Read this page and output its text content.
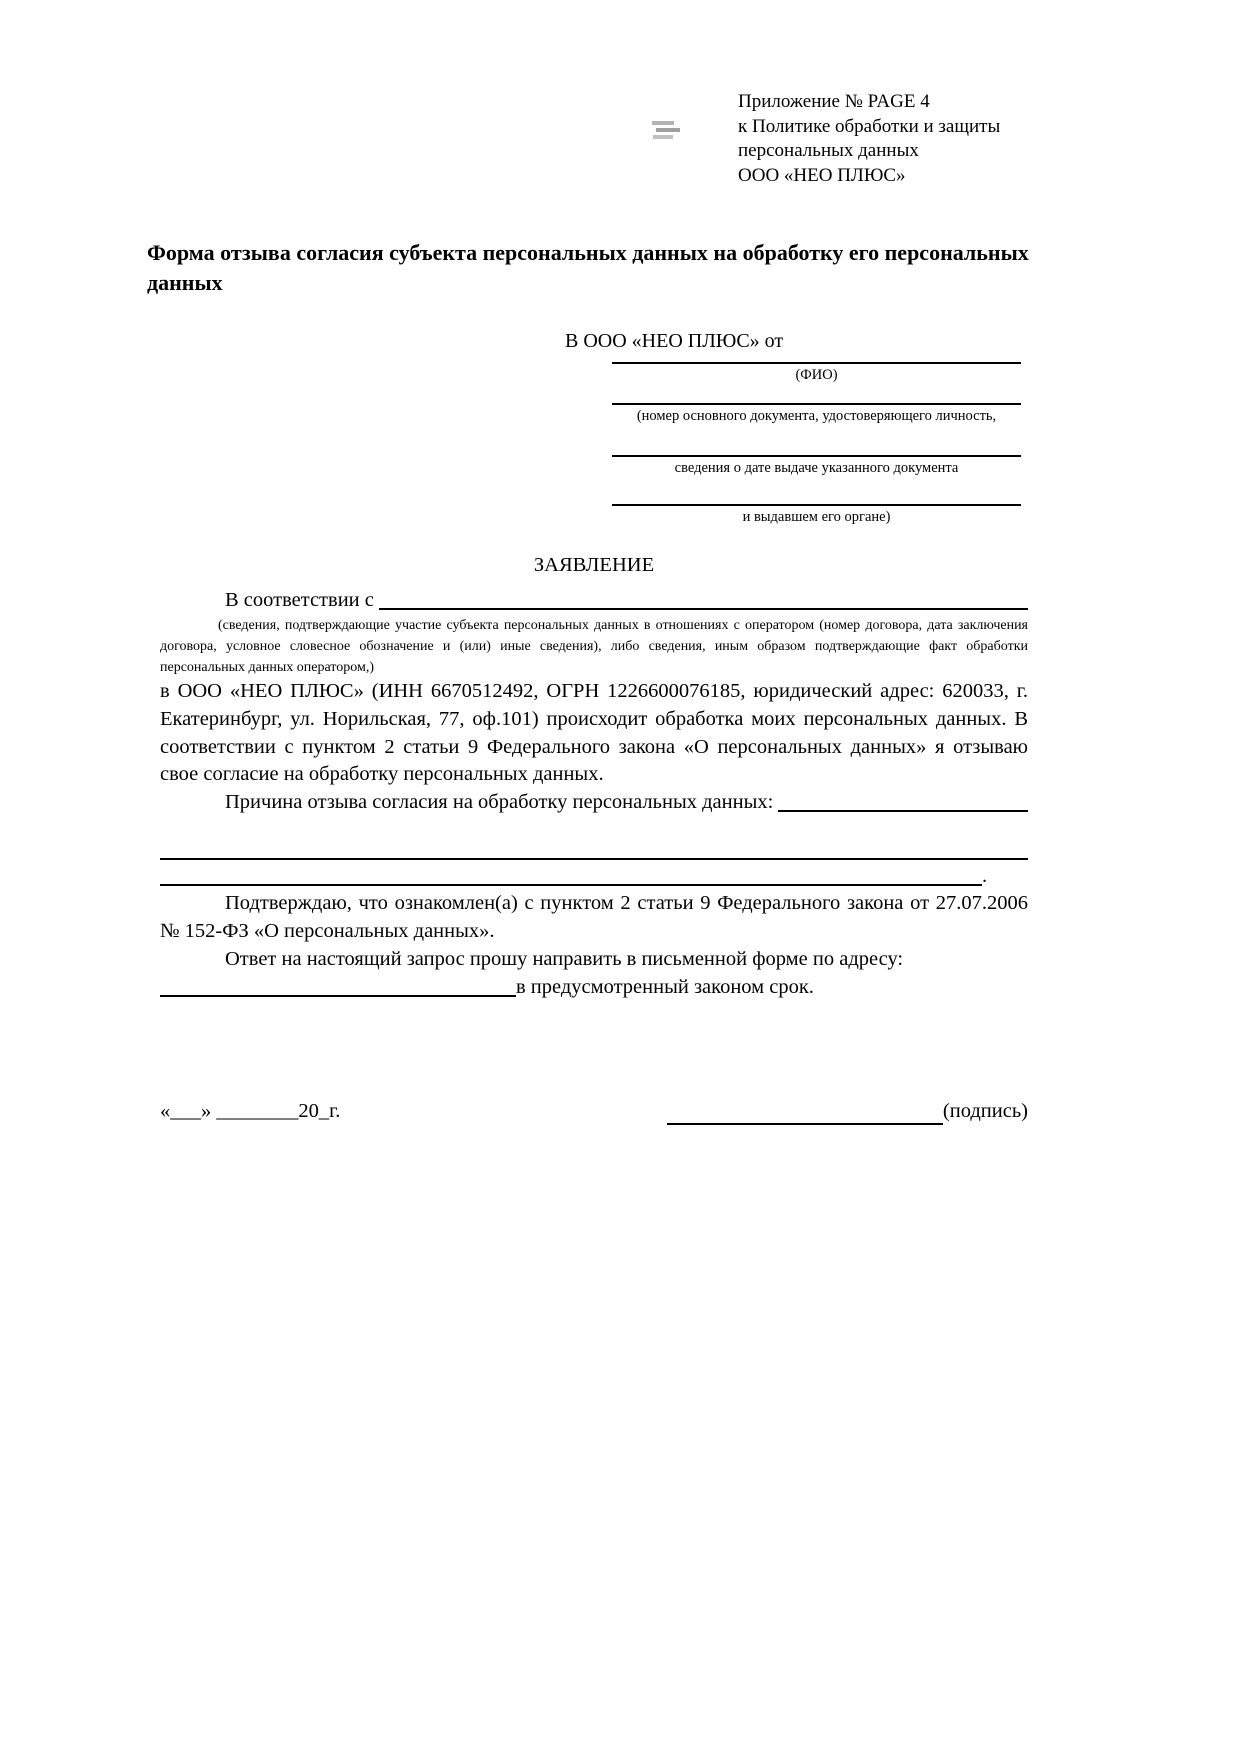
Приложение № PAGE 4
к Политике обработки и защиты
персональных данных
ООО «НЕО ПЛЮС»
Форма отзыва согласия субъекта персональных данных на обработку его персональных данных
В ООО «НЕО ПЛЮС» от
(ФИО)
(номер основного документа, удостоверяющего личность,
сведения о дате выдаче указанного документа
и выдавшем его органе)
ЗАЯВЛЕНИЕ
В соответствии с
(сведения, подтверждающие участие субъекта персональных данных в отношениях с оператором (номер договора, дата заключения договора, условное словесное обозначение и (или) иные сведения), либо сведения, иным образом подтверждающие факт обработки персональных данных оператором,)
в ООО «НЕО ПЛЮС» (ИНН 6670512492, ОГРН 1226600076185, юридический адрес: 620033, г. Екатеринбург, ул. Норильская, 77, оф.101) происходит обработка моих персональных данных. В соответствии с пунктом 2 статьи 9 Федерального закона «О персональных данных» я отзываю свое согласие на обработку персональных данных.
Причина отзыва согласия на обработку персональных данных:
.
Подтверждаю, что ознакомлен(а) с пунктом 2 статьи 9 Федерального закона от 27.07.2006 № 152-ФЗ «О персональных данных».
Ответ на настоящий запрос прошу направить в письменной форме по адресу:
в предусмотренный законом срок.
«___» ________20_г.	(подпись)
